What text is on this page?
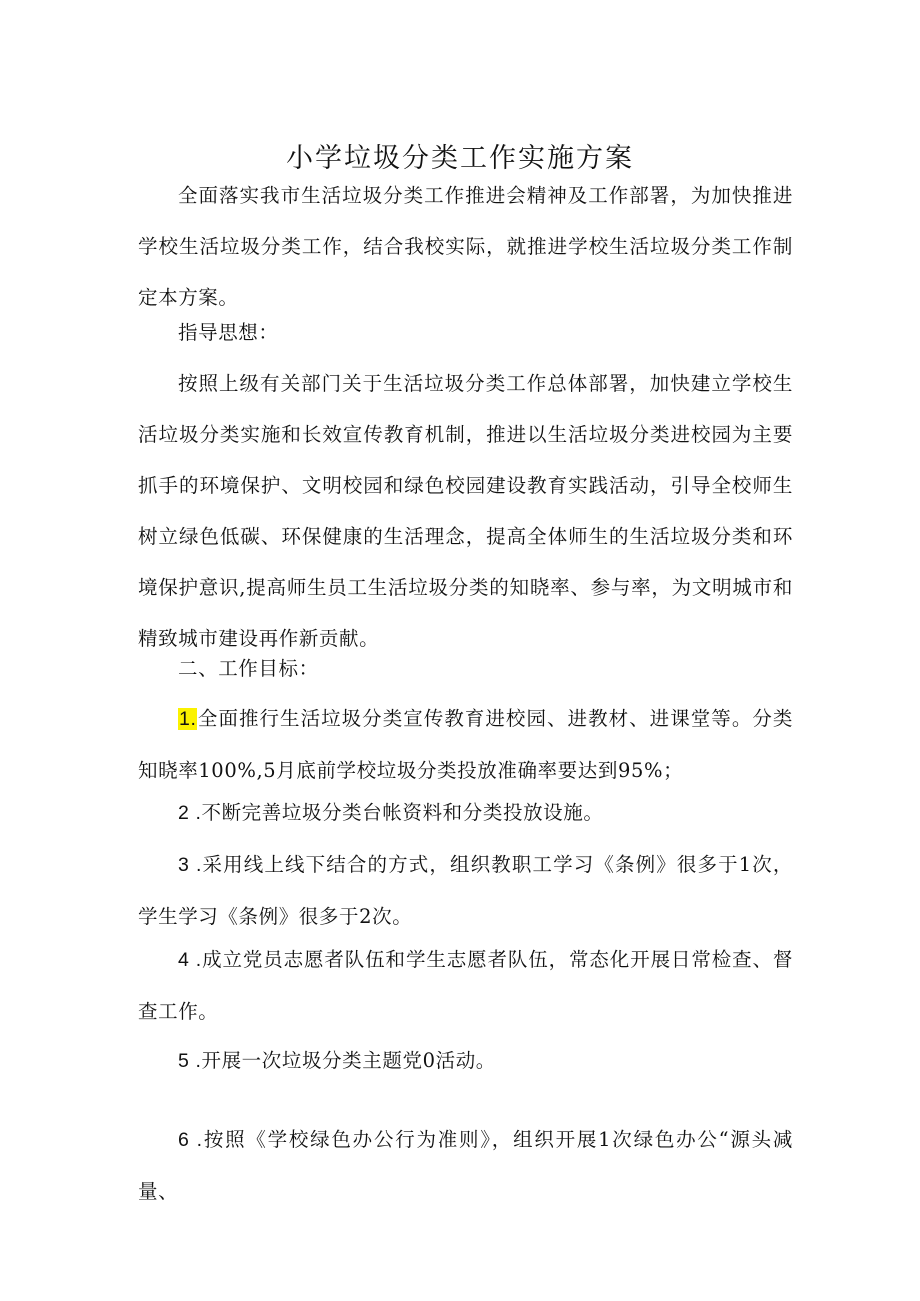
小学垃圾分类工作实施方案

全面落实我市生活垃圾分类工作推进会精神及工作部署，为加快推进学校生活垃圾分类工作，结合我校实际，就推进学校生活垃圾分类工作制定本方案。

指导思想：

按照上级有关部门关于生活垃圾分类工作总体部署，加快建立学校生活垃圾分类实施和长效宣传教育机制，推进以生活垃圾分类进校园为主要抓手的环境保护、文明校园和绿色校园建设教育实践活动，引导全校师生树立绿色低碳、环保健康的生活理念，提高全体师生的生活垃圾分类和环境保护意识,提高师生员工生活垃圾分类的知晓率、参与率，为文明城市和精致城市建设再作新贡献。

二、工作目标：

1.全面推行生活垃圾分类宣传教育进校园、进教材、进课堂等。分类知晓率100%,5月底前学校垃圾分类投放准确率要达到95%；

2 .不断完善垃圾分类台帐资料和分类投放设施。

3 .采用线上线下结合的方式，组织教职工学习《条例》很多于1次，学生学习《条例》很多于2次。

4 .成立党员志愿者队伍和学生志愿者队伍，常态化开展日常检查、督查工作。

5 .开展一次垃圾分类主题党0活动。

6 .按照《学校绿色办公行为准则》，组织开展1次绿色办公“源头减量、
